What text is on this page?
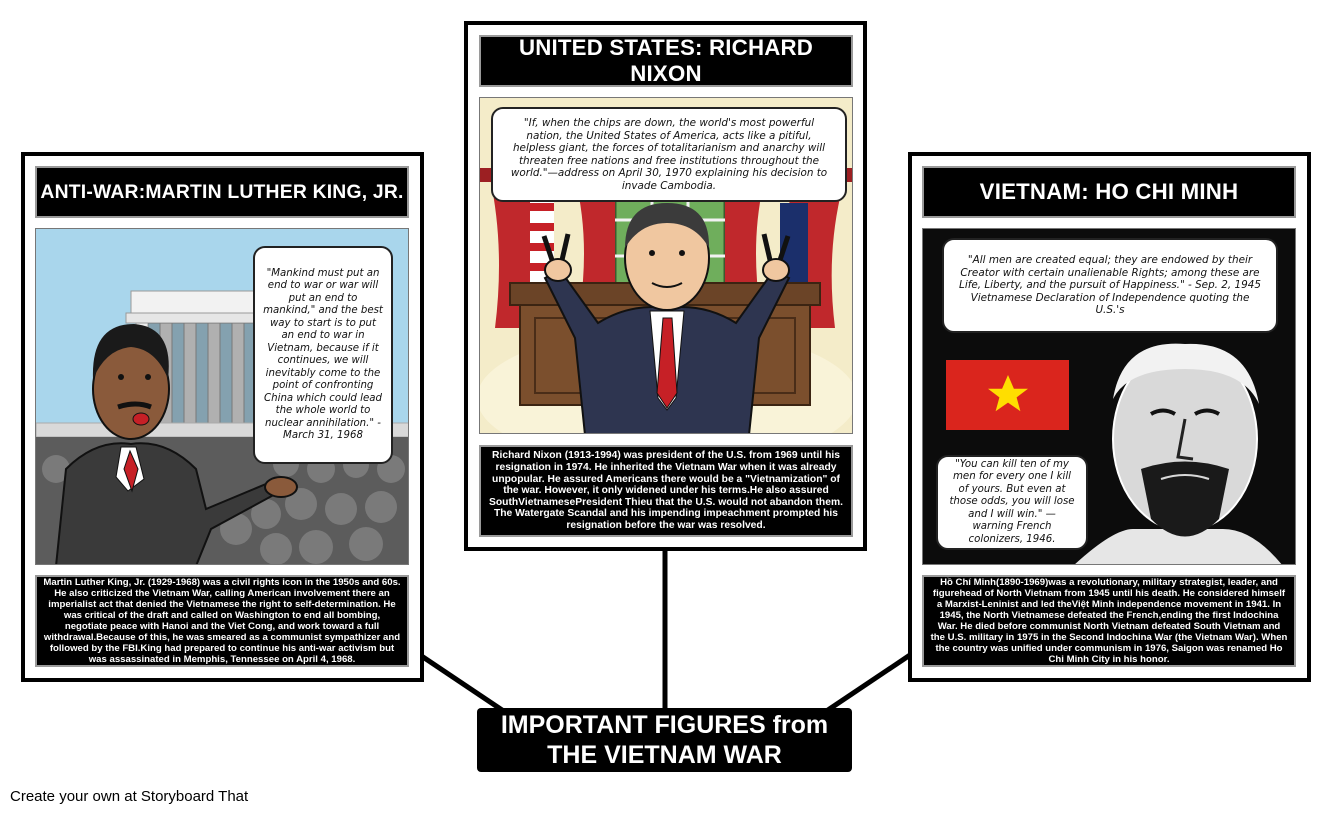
ANTI-WAR:MARTIN LUTHER KING, JR.
"Mankind must put an end to war or war will put an end to mankind," and the best way to start is to put an end to war in Vietnam, because if it continues, we will inevitably come to the point of confronting China which could lead the whole world to nuclear annihilation." - March 31, 1968
Martin Luther King, Jr. (1929-1968) was a civil rights icon in the 1950s and 60s. He also criticized the Vietnam War, calling American involvement there an imperialist act that denied the Vietnamese the right to self-determination. He was critical of the draft and called on Washington to end all bombing, negotiate peace with Hanoi and the Viet Cong, and work toward a full withdrawal.Because of this, he was smeared as a communist sympathizer and followed by the FBI.King had prepared to continue his anti-war activism but was assassinated in Memphis, Tennessee on April 4, 1968.
UNITED STATES: RICHARD NIXON
"If, when the chips are down, the world's most powerful nation, the United States of America, acts like a pitiful, helpless giant, the forces of totalitarianism and anarchy will threaten free nations and free institutions throughout the world."—address on April 30, 1970 explaining his decision to invade Cambodia.
Richard Nixon (1913-1994) was president of the U.S. from 1969 until his resignation in 1974. He inherited the Vietnam War when it was already unpopular. He assured Americans there would be a "Vietnamization" of the war. However, it only widened under his terms.He also assured SouthVietnamesePresident Thieu that the U.S. would not abandon them. The Watergate Scandal and his impending impeachment prompted his resignation before the war was resolved.
VIETNAM: HO CHI MINH
"All men are created equal; they are endowed by their Creator with certain unalienable Rights; among these are Life, Liberty, and the pursuit of Happiness." - Sep. 2, 1945 Vietnamese Declaration of Independence quoting the U.S.'s
"You can kill ten of my men for every one I kill of yours. But even at those odds, you will lose and I will win." —warning French colonizers, 1946.
Hồ Chí Minh(1890-1969)was a revolutionary, military strategist, leader, and figurehead of North Vietnam from 1945 until his death. He considered himself a Marxist-Leninist and led theViệt Minh independence movement in 1941. In 1945, the North Vietnamese defeated the French,ending the first Indochina War. He died before communist North Vietnam defeated South Vietnam and the U.S. military in 1975 in the Second Indochina War (the Vietnam War). When the country was unified under communism in 1976, Saigon was renamed Ho Chi Minh City in his honor.
IMPORTANT FIGURES from THE VIETNAM WAR
Create your own at Storyboard That
